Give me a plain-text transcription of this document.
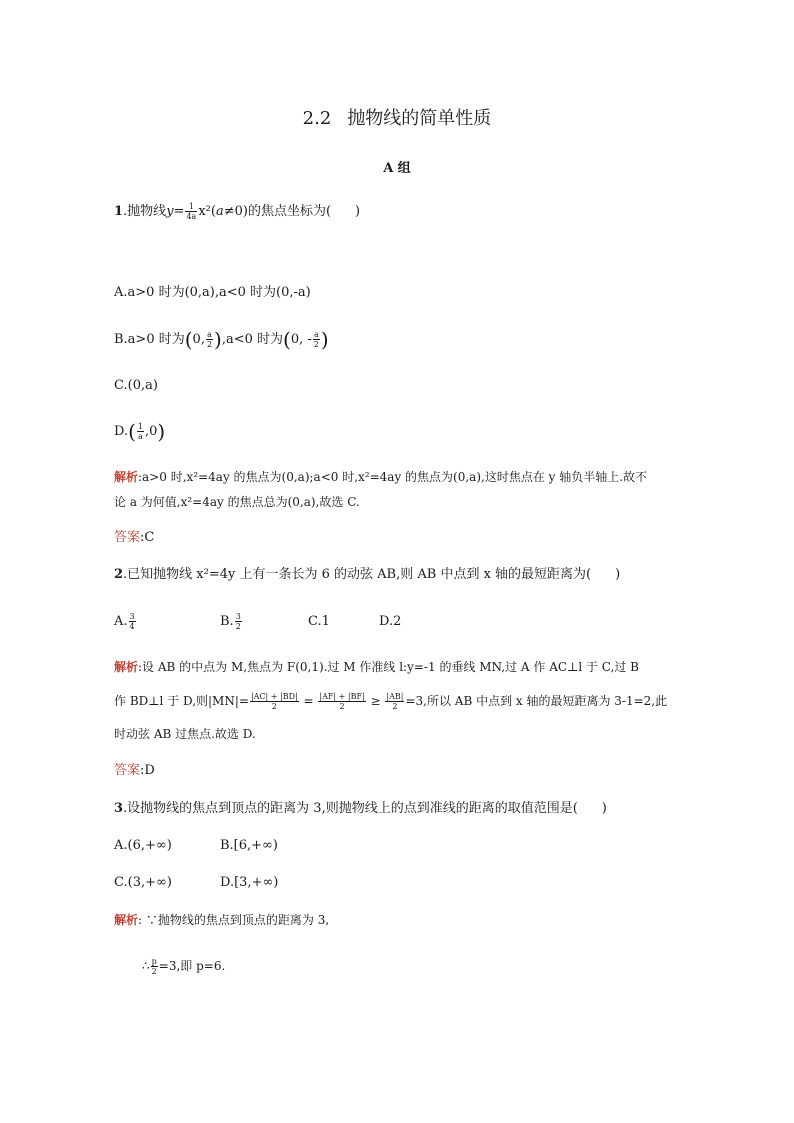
2.2 抛物线的简单性质
A 组
1.抛物线$y= \frac{1}{4a} x^2(a\ne 0)$的焦点坐标为( )
A.a>0 时为(0,a),a<0 时为(0,-a)
B.a>0 时为(0, $\frac{a}{2} ),a<0$ 时为(0, - $\frac{a}{2}$ )
C.(0,a)
$D.( \frac{1}{a} ,0)$
解析:a>0 时,x²=4ay 的焦点为(0,a);a<0 时,x²=4ay 的焦点为(0,a),这时焦点在 y 轴负半轴上.故不
论 a 为何值,x²=4ay 的焦点总为(0,a),故选 C.
答案:C
2.已知抛物线 x²=4y 上有一条长为 6 的动弦 AB,则 AB 中点到 x 轴的最短距离为( )
A. $\frac{3}{4}$	B. $\frac{3}{2}$	C.1	D.2
解析:设 AB 的中点为 M,焦点为 F(0,1).过 M 作准线 l:y=-1 的垂线 MN,过 A 作 AC⊥l 于 C,过 B
作 BD⊥l 于 D,则$|MN|= \frac{|AC| + |BD|}{2} = \frac{|AF| + |BF|}{2} \ge \frac{|AB|}{2} =3$,所以 AB 中点到 x 轴的最短距离为 3-1=2,此
时动弦 AB 过焦点.故选 D.
答案:D
3.设抛物线的焦点到顶点的距离为 3,则抛物线上的点到准线的距离的取值范围是( )
A.(6,+∞)	B.[6,+∞)
C.(3,+∞)	D.[3,+∞)
解析: ∵抛物线的焦点到顶点的距离为 3,
∴ $\frac{p}{2} =3$,即 p=6.
